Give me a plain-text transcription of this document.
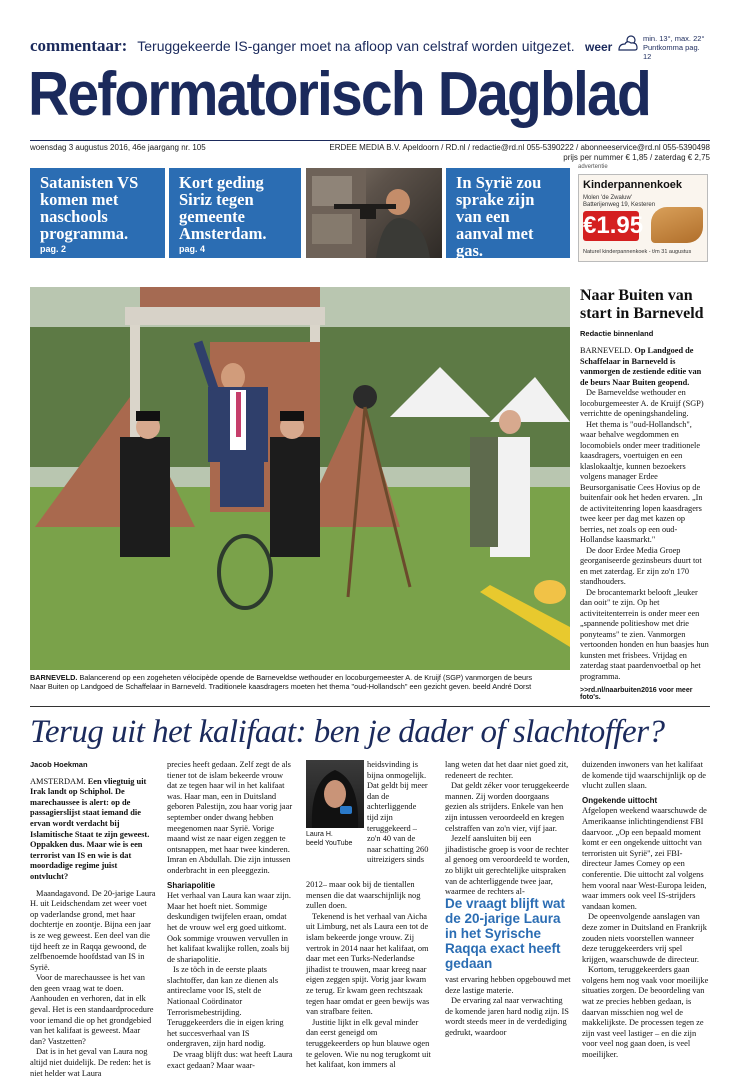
commentaar: Teruggekeerde IS-ganger moet na afloop van celstraf worden uitgezet. weer
min. 13°, max. 22°
Puntkomma pag. 12
Reformatorisch Dagblad
woensdag 3 augustus 2016, 46e jaargang nr. 105	ERDEE MEDIA B.V. Apeldoorn / RD.nl / redactie@rd.nl 055-5390222 / abonneeservice@rd.nl 055-5390498
prijs per nummer € 1,85 / zaterdag € 2,75
Satanisten VS komen met naschools programma.
pag. 2
Kort geding Siriz tegen gemeente Amsterdam.
pag. 4
In Syrië zou sprake zijn van een aanval met gas.
pag. 7
advertentie
Kinderpannenkoek
Molen 'de Zwaluw'
Batterijenweg 19, Kesteren
€1.95
Naturel kinderpannenkoek - t/m 31 augustus
BARNEVELD. Balancerend op een zogeheten vélocipède opende de Barneveldse wethouder en locoburgemeester A. de Kruijf (SGP) vanmorgen de beurs
Naar Buiten op Landgoed de Schaffelaar in Barneveld. Traditionele kaasdragers moeten het thema "oud-Hollandsch" een gezicht geven. beeld André Dorst
Naar Buiten van start in Barneveld
Redactie binnenland
BARNEVELD. Op Landgoed de Schaffelaar in Barneveld is vanmorgen de zestiende editie van de beurs Naar Buiten geopend.

De Barneveldse wethouder en locoburgemeester A. de Kruijf (SGP) verrichtte de openingshandeling.

Het thema is "oud-Hollandsch", waar behalve wegdommen en locomobiels onder meer traditionele kaasdragers, voertuigen en een klaslokaaltje, kunnen bezoekers volgens manager Erdee Beursorganisatie Cees Hovius op de buitenfair ook het heden ervaren. „In de activiteitenring lopen kaasdragers twee keer per dag met kazen op berries, net zoals op een oud-Hollandse kaasmarkt."

De door Erdee Media Groep georganiseerde gezinsbeurs duurt tot en met zaterdag. Er zijn zo'n 170 standhouders.

De brocantemarkt belooft „leuker dan ooit" te zijn. Op het activiteitenterrein is onder meer een „spannende politieshow met drie ponyteams" te zien. Vanmorgen vertoonden honden en hun baasjes hun kunsten met frisbees. Vrijdag en zaterdag staat paardenvoetbal op het programma.

>>rd.nl/naarbuiten2016 voor meer foto's.
Terug uit het kalifaat: ben je dader of slachtoffer?
Jacob Hoekman

AMSTERDAM. Een vliegtuig uit Irak landt op Schiphol. De marechaussee is alert: op de passagierslijst staat iemand die ervan wordt verdacht bij Islamitische Staat te zijn geweest. Oppakken dus. Maar wie is een terrorist van IS en wie is dat moordadige regime juist ontvlucht?

Maandagavond. De 20-jarige Laura H. uit Leidschendam zet weer voet op vaderlandse grond, met haar dochtertje en zoontje. Bijna een jaar is ze weg geweest. Een deel van die tijd heeft ze in Raqqa gewoond, de zelfbenoemde hoofdstad van IS in Syrië.

Voor de marechaussee is het van den geen vraag wat te doen. Aanhouden en verhoren, dat in elk geval. Het is een standaardprocedure voor iemand die op het grondgebied van het kalifaat is geweest. Maar dan? Vastzetten?

Dat is in het geval van Laura nog altijd niet duidelijk. De reden: het is niet helder wat Laura

precies heeft gedaan. Zelf zegt de als tiener tot de islam bekeerde vrouw dat ze tegen haar wil in het kalifaat was. Haar man, een in Duitsland geboren Palestijn, zou haar vorig jaar september onder dwang hebben meegenomen naar Syrië. Vorige maand wist ze naar eigen zeggen te ontsnappen, met haar twee kinderen. Imran en Abdullah. Die zijn intussen onderbracht in een pleeggezin.

Shariapolitie

Het verhaal van Laura kan waar zijn. Maar het hoeft niet. Sommige deskundigen twijfelen eraan, omdat het de vrouw wel erg goed uitkomt. Ook sommige vrouwen vervullen in het kalifaat kwalijke rollen, zoals bij de shariapolitie.

Is ze töch in de eerste plaats slachtoffer, dan kan ze dienen als antireclame voor IS, stelt de Nationaal Coördinator Terrorismebestrijding. Teruggekeerders die in eigen kring het succesverhaal van IS ondergraven, zijn hard nodig.

De vraag blijft dus: wat heeft Laura exact gedaan? Maar waar-

Laura H.
beeld YouTube

heidsvinding is bijna onmogelijk. Dat geldt bij meer dan de achterliggende tijd zijn teruggekeerd – zo'n 40 van de naar schatting 260 uitreizigers sinds

2012– maar ook bij de tientallen mensen die dat waarschijnlijk nog zullen doen.

Tekenend is het verhaal van Aicha uit Limburg, net als Laura een tot de islam bekeerde jonge vrouw. Zij vertrok in 2014 naar het kalifaat, om daar met een Turks-Nederlandse jihadist te trouwen, maar kreeg naar eigen zeggen spijt. Vorig jaar kwam ze terug. Er kwam geen rechtszaak tegen haar omdat er geen bewijs was van strafbare feiten.

Justitie lijkt in elk geval minder dan eerst geneigd om teruggekeerders op hun blauwe ogen te geloven. Wie nu nog terugkomt uit het kalifaat, kon immers al

lang weten dat het daar niet goed zit, redeneert de rechter.

Dat geldt zéker voor teruggekeerde mannen. Zij worden doorgaans gezien als strijders. Enkele van hen zijn intussen veroordeeld en kregen celstraffen van zo'n vier, vijf jaar.

Jezelf aansluiten bij een jihadistische groep is voor de rechter al genoeg om veroordeeld te worden, zo blijkt uit gerechtelijke uitspraken van de achterliggende twee jaar, waarmee de rechters al-

De vraagt blijft wat de 20-jarige Laura in het Syrische Raqqa exact heeft gedaan

vast ervaring hebben opgebouwd met deze lastige materie.

De ervaring zal naar verwachting de komende jaren hard nodig zijn. IS wordt steeds meer in de verdediging gedrukt, waardoor

duizenden inwoners van het kalifaat de komende tijd waarschijnlijk op de vlucht zullen slaan.

Ongekende uittocht

Afgelopen weekend waarschuwde de Amerikaanse inlichtingendienst FBI daarvoor. „Op een bepaald moment komt er een ongekende uittocht van terroristen uit Syrië", zei FBI-directeur James Comey op een conferentie. Die uittocht zal volgens hem vooral naar West-Europa leiden, waar immers ook veel IS-strijders vandaan komen.

De opeenvolgende aanslagen van deze zomer in Duitsland en Frankrijk zouden niets voorstellen wanneer deze teruggekeerders vrij spel krijgen, waarschuwde de directeur.

Kortom, teruggekeerders gaan volgens hem nog vaak voor moeilijke situaties zorgen. De beoordeling van wat ze precies hebben gedaan, is daarvan misschien nog wel de makkelijkste. De processen tegen ze zijn vast veel lastiger – en die zijn voor veel nog gaan doen, is veel moeilijker.
